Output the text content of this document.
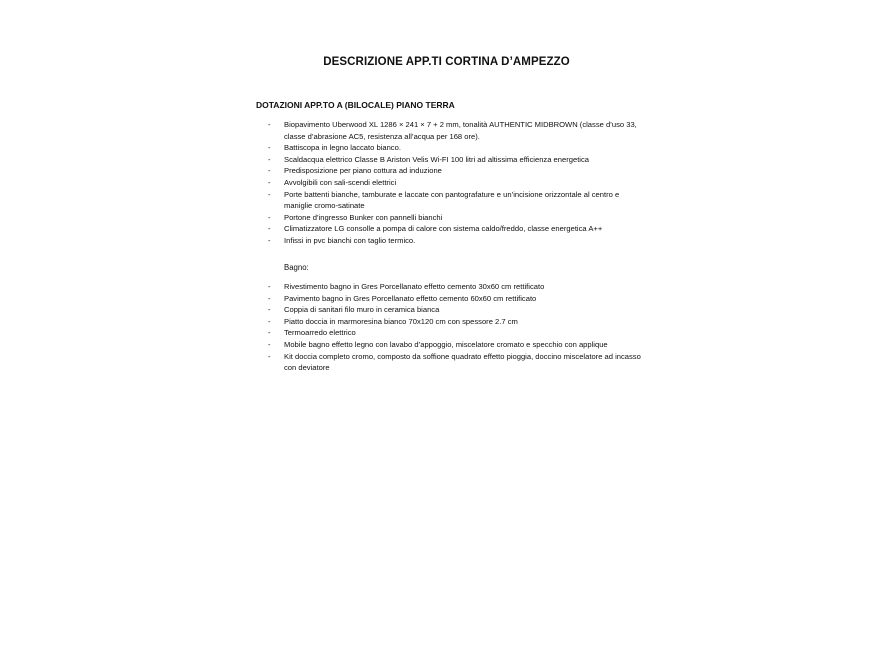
DESCRIZIONE APP.TI CORTINA D’AMPEZZO
DOTAZIONI APP.TO A (BILOCALE) PIANO TERRA
- Biopavimento Uberwood XL 1286 × 241 × 7 + 2 mm, tonalità AUTHENTIC MIDBROWN (classe d’uso 33, classe d’abrasione AC5, resistenza all’acqua per 168 ore).
- Battiscopa in legno laccato bianco.
- Scaldacqua elettrico Classe B Ariston Velis Wi-FI 100 litri ad altissima efficienza energetica
- Predisposizione per piano cottura ad induzione
- Avvolgibili con sali-scendi elettrici
- Porte battenti bianche, tamburate e laccate con pantografature e un’incisione orizzontale al centro e maniglie cromo-satinate
- Portone d’ingresso Bunker con pannelli bianchi
- Climatizzatore LG consolle a pompa di calore con sistema caldo/freddo, classe energetica A++
- Infissi in pvc bianchi con taglio termico.
Bagno:
- Rivestimento bagno in Gres Porcellanato effetto cemento 30x60 cm rettificato
- Pavimento bagno in Gres Porcellanato effetto cemento 60x60 cm rettificato
- Coppia di sanitari filo muro in ceramica bianca
- Piatto doccia in marmoresina bianco 70x120 cm con spessore 2.7 cm
- Termoarredo elettrico
- Mobile bagno effetto legno con lavabo d’appoggio, miscelatore cromato e specchio con applique
- Kit doccia completo cromo, composto da soffione quadrato effetto pioggia, doccino miscelatore ad incasso con deviatore
